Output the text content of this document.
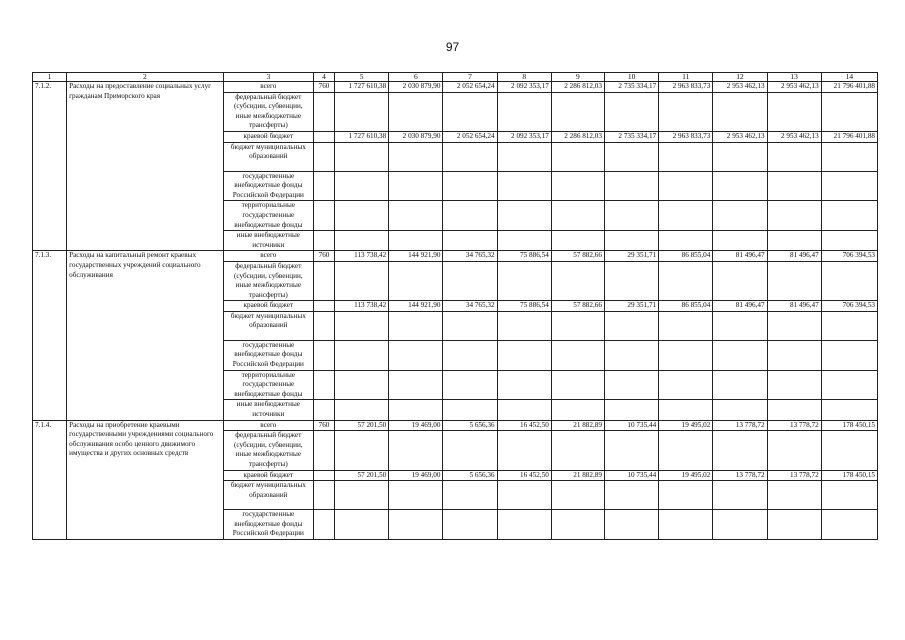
97
1	2	3	4	5	6	7	8	9	10	11	12	13	14
7.1.2.	Расходы на предоставление социальных услуг гражданам Приморского края	всего	760	1 727 610,38	2 030 879,90	2 052 654,24	2 092 353,17	2 286 812,03	2 735 334,17	2 963 833,73	2 953 462,13	2 953 462,13	21 796 401,88
		федеральный бюджет (субсидии, субвенции, иные межбюджетные трансферты)											
		краевой бюджет		1 727 610,38	2 030 879,90	2 052 654,24	2 092 353,17	2 286 812,03	2 735 334,17	2 963 833,73	2 953 462,13	2 953 462,13	21 796 401,88
		бюджет муниципальных образований											
		государственные внебюджетные фонды Российской Федерации											
		территориальные государственные внебюджетные фонды											
		иные внебюджетные источники											
7.1.3.	Расходы на капитальный ремонт краевых государственных учреждений социального обслуживания	всего	760	113 738,42	144 921,90	34 765,32	75 886,54	57 882,66	29 351,71	86 855,04	81 496,47	81 496,47	706 394,53
		федеральный бюджет (субсидии, субвенции, иные межбюджетные трансферты)											
		краевой бюджет		113 738,42	144 921,90	34 765,32	75 886,54	57 882,66	29 351,71	86 855,04	81 496,47	81 496,47	706 394,53
		бюджет муниципальных образований											
		государственные внебюджетные фонды Российской Федерации											
		территориальные государственные внебюджетные фонды											
		иные внебюджетные источники											
7.1.4.	Расходы на приобретение краевыми государственными учреждениями социального обслуживания особо ценного движимого имущества и других основных средств	всего	760	57 201,50	19 469,00	5 656,36	16 452,50	21 882,89	10 735,44	19 495,02	13 778,72	13 778,72	178 450,15
		федеральный бюджет (субсидии, субвенции, иные межбюджетные трансферты)											
		краевой бюджет		57 201,50	19 469,00	5 656,36	16 452,50	21 882,89	10 735,44	19 495,02	13 778,72	13 778,72	178 450,15
		бюджет муниципальных образований											
		государственные внебюджетные фонды Российской Федерации											
